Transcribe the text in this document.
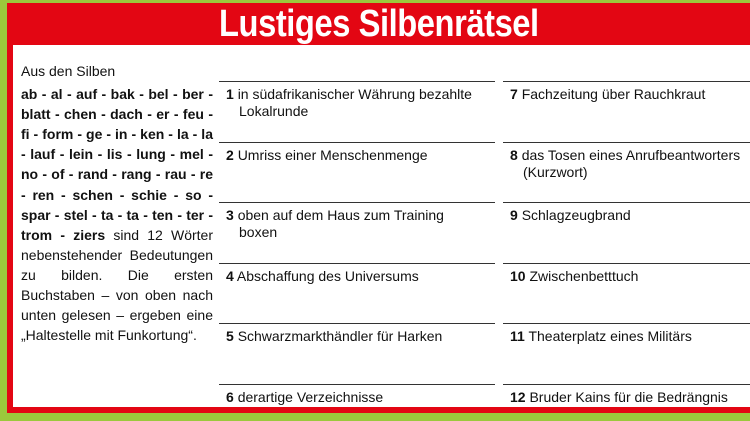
Lustiges Silbenrätsel
Aus den Silben
ab - al - auf - bak - bel - ber - blatt - chen - dach - er - feu - fi - form - ge - in - ken - la - la - lauf - lein - lis - lung - mel - no - of - rand - rang - rau - re - ren - schen - schie - so - spar - stel - ta - ta - ten - ter - trom - ziers sind 12 Wörter nebenstehender Bedeutungen zu bilden. Die ersten Buchstaben – von oben nach unten gelesen – ergeben eine „Haltestelle mit Funkortung“.
1 in südafrikanischer Währung bezahlte
Lokalrunde
2 Umriss einer Menschenmenge
3 oben auf dem Haus zum Training
boxen
4 Abschaffung des Universums
5 Schwarzmarkthändler für Harken
6 derartige Verzeichnisse
7 Fachzeitung über Rauchkraut
8 das Tosen eines Anrufbeantworters
(Kurzwort)
9 Schlagzeugbrand
10 Zwischenbetttuch
11 Theaterplatz eines Militärs
12 Bruder Kains für die Bedrängnis
